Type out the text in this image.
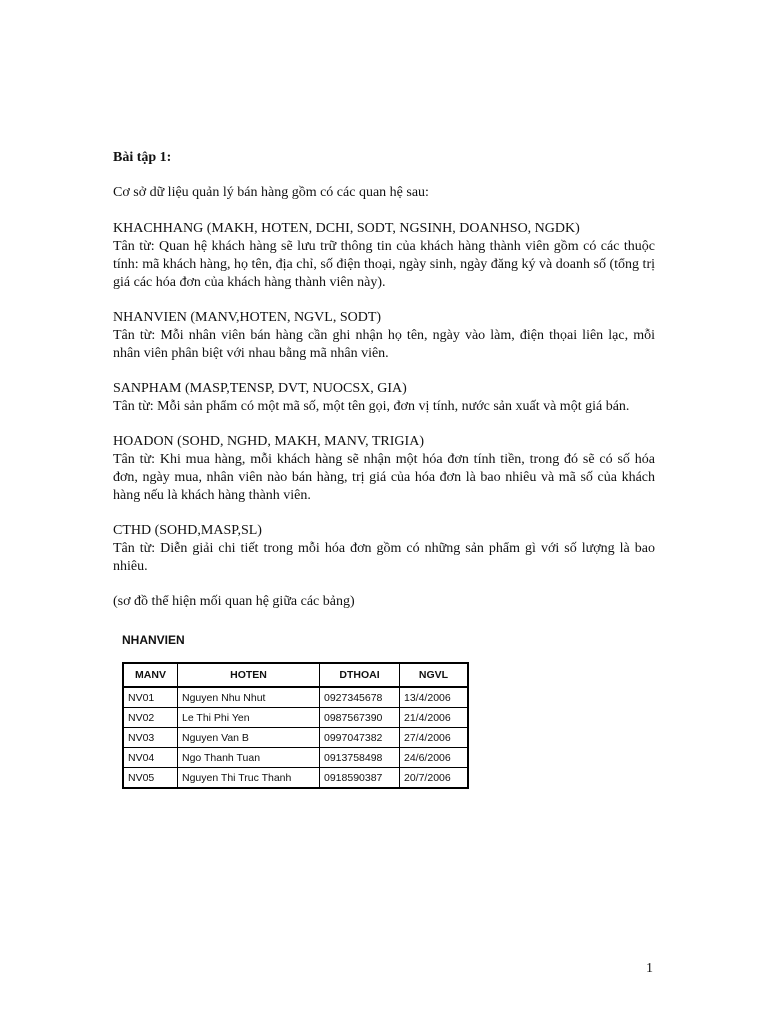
Bài tập 1:
Cơ sở dữ liệu quản lý bán hàng gồm có các quan hệ sau:
KHACHHANG (MAKH, HOTEN, DCHI, SODT, NGSINH, DOANHSO, NGDK)
Tân từ: Quan hệ khách hàng sẽ lưu trữ thông tin của khách hàng thành viên gồm có các thuộc tính: mã khách hàng, họ tên, địa chỉ, số điện thoại, ngày sinh, ngày đăng ký và doanh số (tổng trị giá các hóa đơn của khách hàng thành viên này).
NHANVIEN (MANV,HOTEN, NGVL, SODT)
Tân từ: Mỗi nhân viên bán hàng cần ghi nhận họ tên, ngày vào làm, điện thọai liên lạc, mỗi nhân viên phân biệt với nhau bằng mã nhân viên.
SANPHAM (MASP,TENSP, DVT, NUOCSX, GIA)
Tân từ: Mỗi sản phẩm có một mã số, một tên gọi, đơn vị tính, nước sản xuất và một giá bán.
HOADON (SOHD, NGHD, MAKH, MANV, TRIGIA)
Tân từ: Khi mua hàng, mỗi khách hàng sẽ nhận một hóa đơn tính tiền, trong đó sẽ có số hóa đơn, ngày mua, nhân viên nào bán hàng, trị giá của hóa đơn là bao nhiêu và mã số của khách hàng nếu là khách hàng thành viên.
CTHD (SOHD,MASP,SL)
Tân từ: Diễn giải chi tiết trong mỗi hóa đơn gồm có những sản phẩm gì với số lượng là bao nhiêu.
(sơ đồ thể hiện mối quan hệ giữa các bảng)
NHANVIEN
MANV	HOTEN	DTHOAI	NGVL
NV01	Nguyen Nhu Nhut	0927345678	13/4/2006
NV02	Le Thi Phi Yen	0987567390	21/4/2006
NV03	Nguyen Van B	0997047382	27/4/2006
NV04	Ngo Thanh Tuan	0913758498	24/6/2006
NV05	Nguyen Thi Truc Thanh	0918590387	20/7/2006
1
